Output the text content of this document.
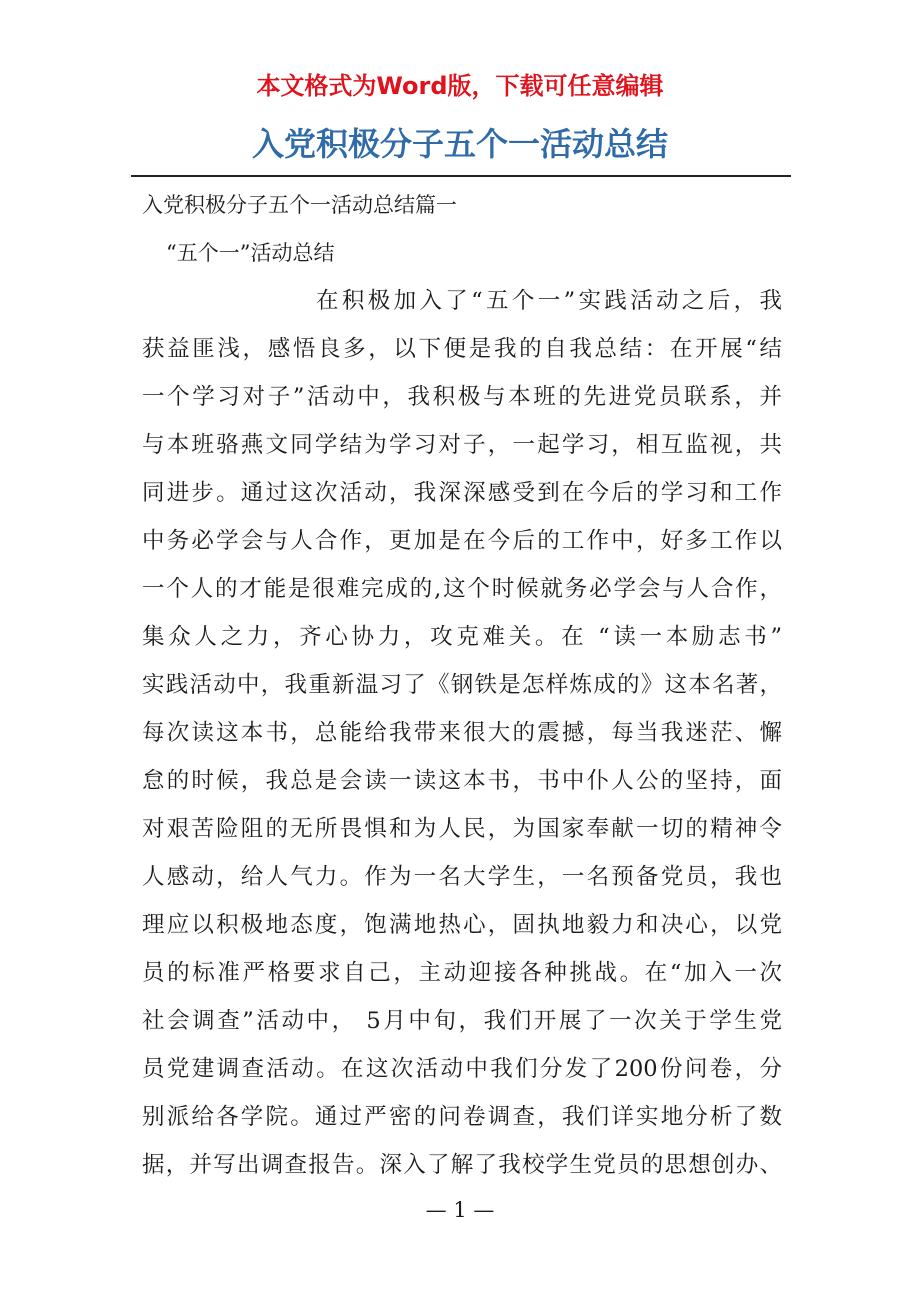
本文格式为Word版，下载可任意编辑
入党积极分子五个一活动总结
入党积极分子五个一活动总结篇一
“五个一”活动总结
在积极加入了“五个一”实践活动之后，我
获益匪浅，感悟良多，以下便是我的自我总结：在开展“结
一个学习对子”活动中，我积极与本班的先进党员联系，并
与本班骆燕文同学结为学习对子，一起学习，相互监视，共
同进步。通过这次活动，我深深感受到在今后的学习和工作
中务必学会与人合作，更加是在今后的工作中，好多工作以
一个人的才能是很难完成的,这个时候就务必学会与人合作，
集众人之力，齐心协力，攻克难关。在 “读一本励志书”
实践活动中，我重新温习了《钢铁是怎样炼成的》这本名著，
每次读这本书，总能给我带来很大的震撼，每当我迷茫、懈
怠的时候，我总是会读一读这本书，书中仆人公的坚持，面
对艰苦险阻的无所畏惧和为人民，为国家奉献一切的精神令
人感动，给人气力。作为一名大学生，一名预备党员，我也
理应以积极地态度，饱满地热心，固执地毅力和决心，以党
员的标准严格要求自己，主动迎接各种挑战。在“加入一次
社会调查”活动中， 5月中旬，我们开展了一次关于学生党
员党建调查活动。在这次活动中我们分发了200份问卷，分
别派给各学院。通过严密的问卷调查，我们详实地分析了数
据，并写出调查报告。深入了解了我校学生党员的思想创办、
— 1 —
